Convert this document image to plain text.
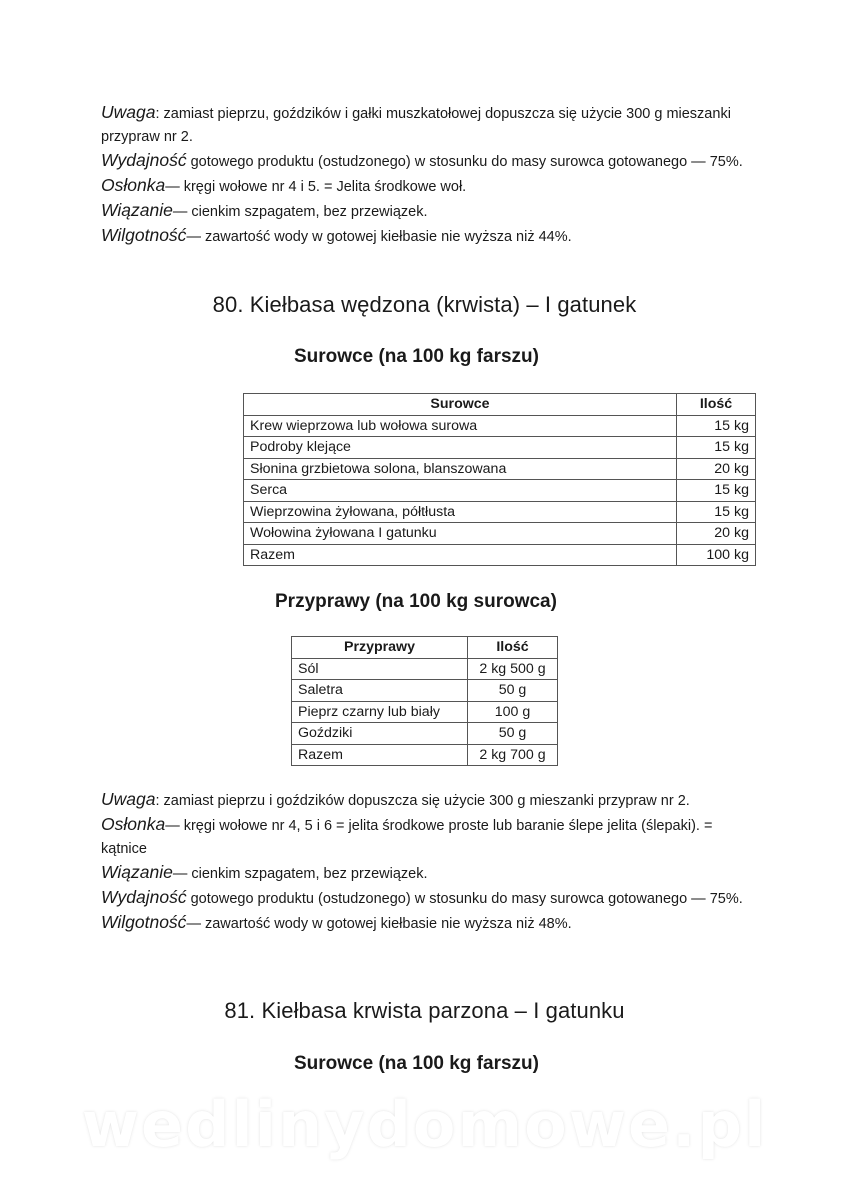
Uwaga: zamiast pieprzu, goździków i gałki muszkatołowej dopuszcza się użycie 300 g mieszanki przypraw nr 2.

Wydajność gotowego produktu (ostudzonego) w stosunku do masy surowca gotowanego — 75%.

Osłonka— kręgi wołowe nr 4 i 5. = Jelita środkowe woł.

Wiązanie— cienkim szpagatem, bez przewiązek.

Wilgotność— zawartość wody w gotowej kiełbasie nie wyższa niż 44%.

80. Kiełbasa wędzona (krwista) – I gatunek
Surowce (na 100 kg farszu)
Surowce	Ilość
Krew wieprzowa lub wołowa surowa	15 kg
Podroby klejące	15 kg
Słonina grzbietowa solona, blanszowana	20 kg
Serca	15 kg
Wieprzowina żyłowana, półtłusta	15 kg
Wołowina żyłowana I gatunku	20 kg
Razem	100 kg
Przyprawy (na 100 kg surowca)
Przyprawy	Ilość
Sól	2 kg 500 g
Saletra	50 g
Pieprz czarny lub biały	100 g
Goździki	50 g
Razem	2 kg 700 g

Uwaga: zamiast pieprzu i goździków dopuszcza się użycie 300 g mieszanki przypraw nr 2.

Osłonka— kręgi wołowe nr 4, 5 i 6 = jelita środkowe proste lub baranie ślepe jelita (ślepaki). = kątnice

Wiązanie— cienkim szpagatem, bez przewiązek.

Wydajność gotowego produktu (ostudzonego) w stosunku do masy surowca gotowanego — 75%.

Wilgotność— zawartość wody w gotowej kiełbasie nie wyższa niż 48%.

81. Kiełbasa krwista parzona – I gatunku
Surowce (na 100 kg farszu)
wedlinydomowe.pl
